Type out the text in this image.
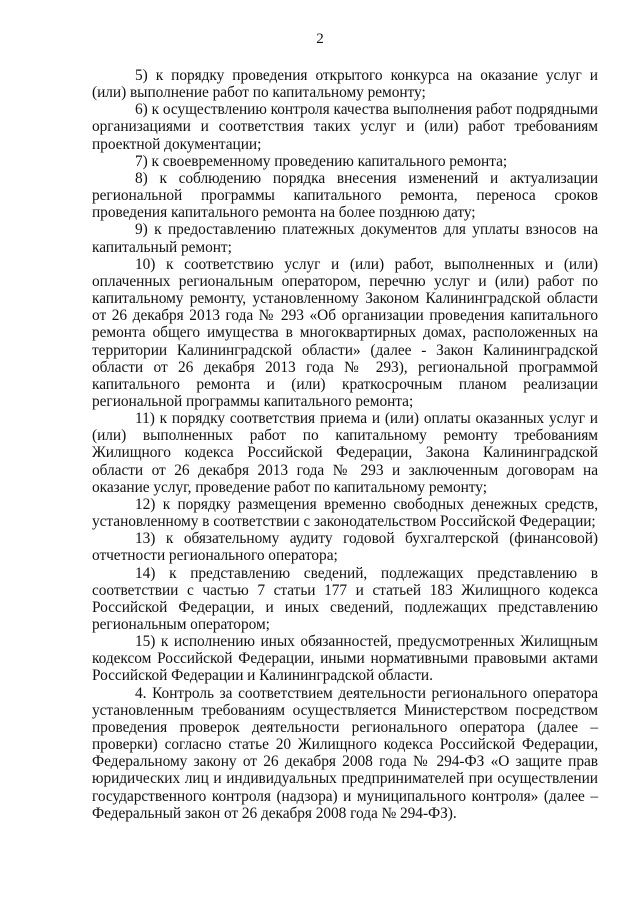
2

5) к порядку проведения открытого конкурса на оказание услуг и (или) выполнение работ по капитальному ремонту;

6) к осуществлению контроля качества выполнения работ подрядными организациями и соответствия таких услуг и (или) работ требованиям проектной документации;

7) к своевременному проведению капитального ремонта;

8) к соблюдению порядка внесения изменений и актуализации региональной программы капитального ремонта, переноса сроков проведения капитального ремонта на более позднюю дату;

9) к предоставлению платежных документов для уплаты взносов на капитальный ремонт;

10) к соответствию услуг и (или) работ, выполненных и (или) оплаченных региональным оператором, перечню услуг и (или) работ по капитальному ремонту, установленному Законом Калининградской области от 26 декабря 2013 года № 293 «Об организации проведения капитального ремонта общего имущества в многоквартирных домах, расположенных на территории Калининградской области» (далее - Закон Калининградской области от 26 декабря 2013 года № 293), региональной программой капитального ремонта и (или) краткосрочным планом реализации региональной программы капитального ремонта;

11) к порядку соответствия приема и (или) оплаты оказанных услуг и (или) выполненных работ по капитальному ремонту требованиям Жилищного кодекса Российской Федерации, Закона Калининградской области от 26 декабря 2013 года № 293 и заключенным договорам на оказание услуг, проведение работ по капитальному ремонту;

12) к порядку размещения временно свободных денежных средств, установленному в соответствии с законодательством Российской Федерации;

13) к обязательному аудиту годовой бухгалтерской (финансовой) отчетности регионального оператора;

14) к представлению сведений, подлежащих представлению в соответствии с частью 7 статьи 177 и статьей 183 Жилищного кодекса Российской Федерации, и иных сведений, подлежащих представлению региональным оператором;

15) к исполнению иных обязанностей, предусмотренных Жилищным кодексом Российской Федерации, иными нормативными правовыми актами Российской Федерации и Калининградской области.

4. Контроль за соответствием деятельности регионального оператора установленным требованиям осуществляется Министерством посредством проведения проверок деятельности регионального оператора (далее – проверки) согласно статье 20 Жилищного кодекса Российской Федерации, Федеральному закону от 26 декабря 2008 года № 294-ФЗ «О защите прав юридических лиц и индивидуальных предпринимателей при осуществлении государственного контроля (надзора) и муниципального контроля» (далее – Федеральный закон от 26 декабря 2008 года № 294-ФЗ).
